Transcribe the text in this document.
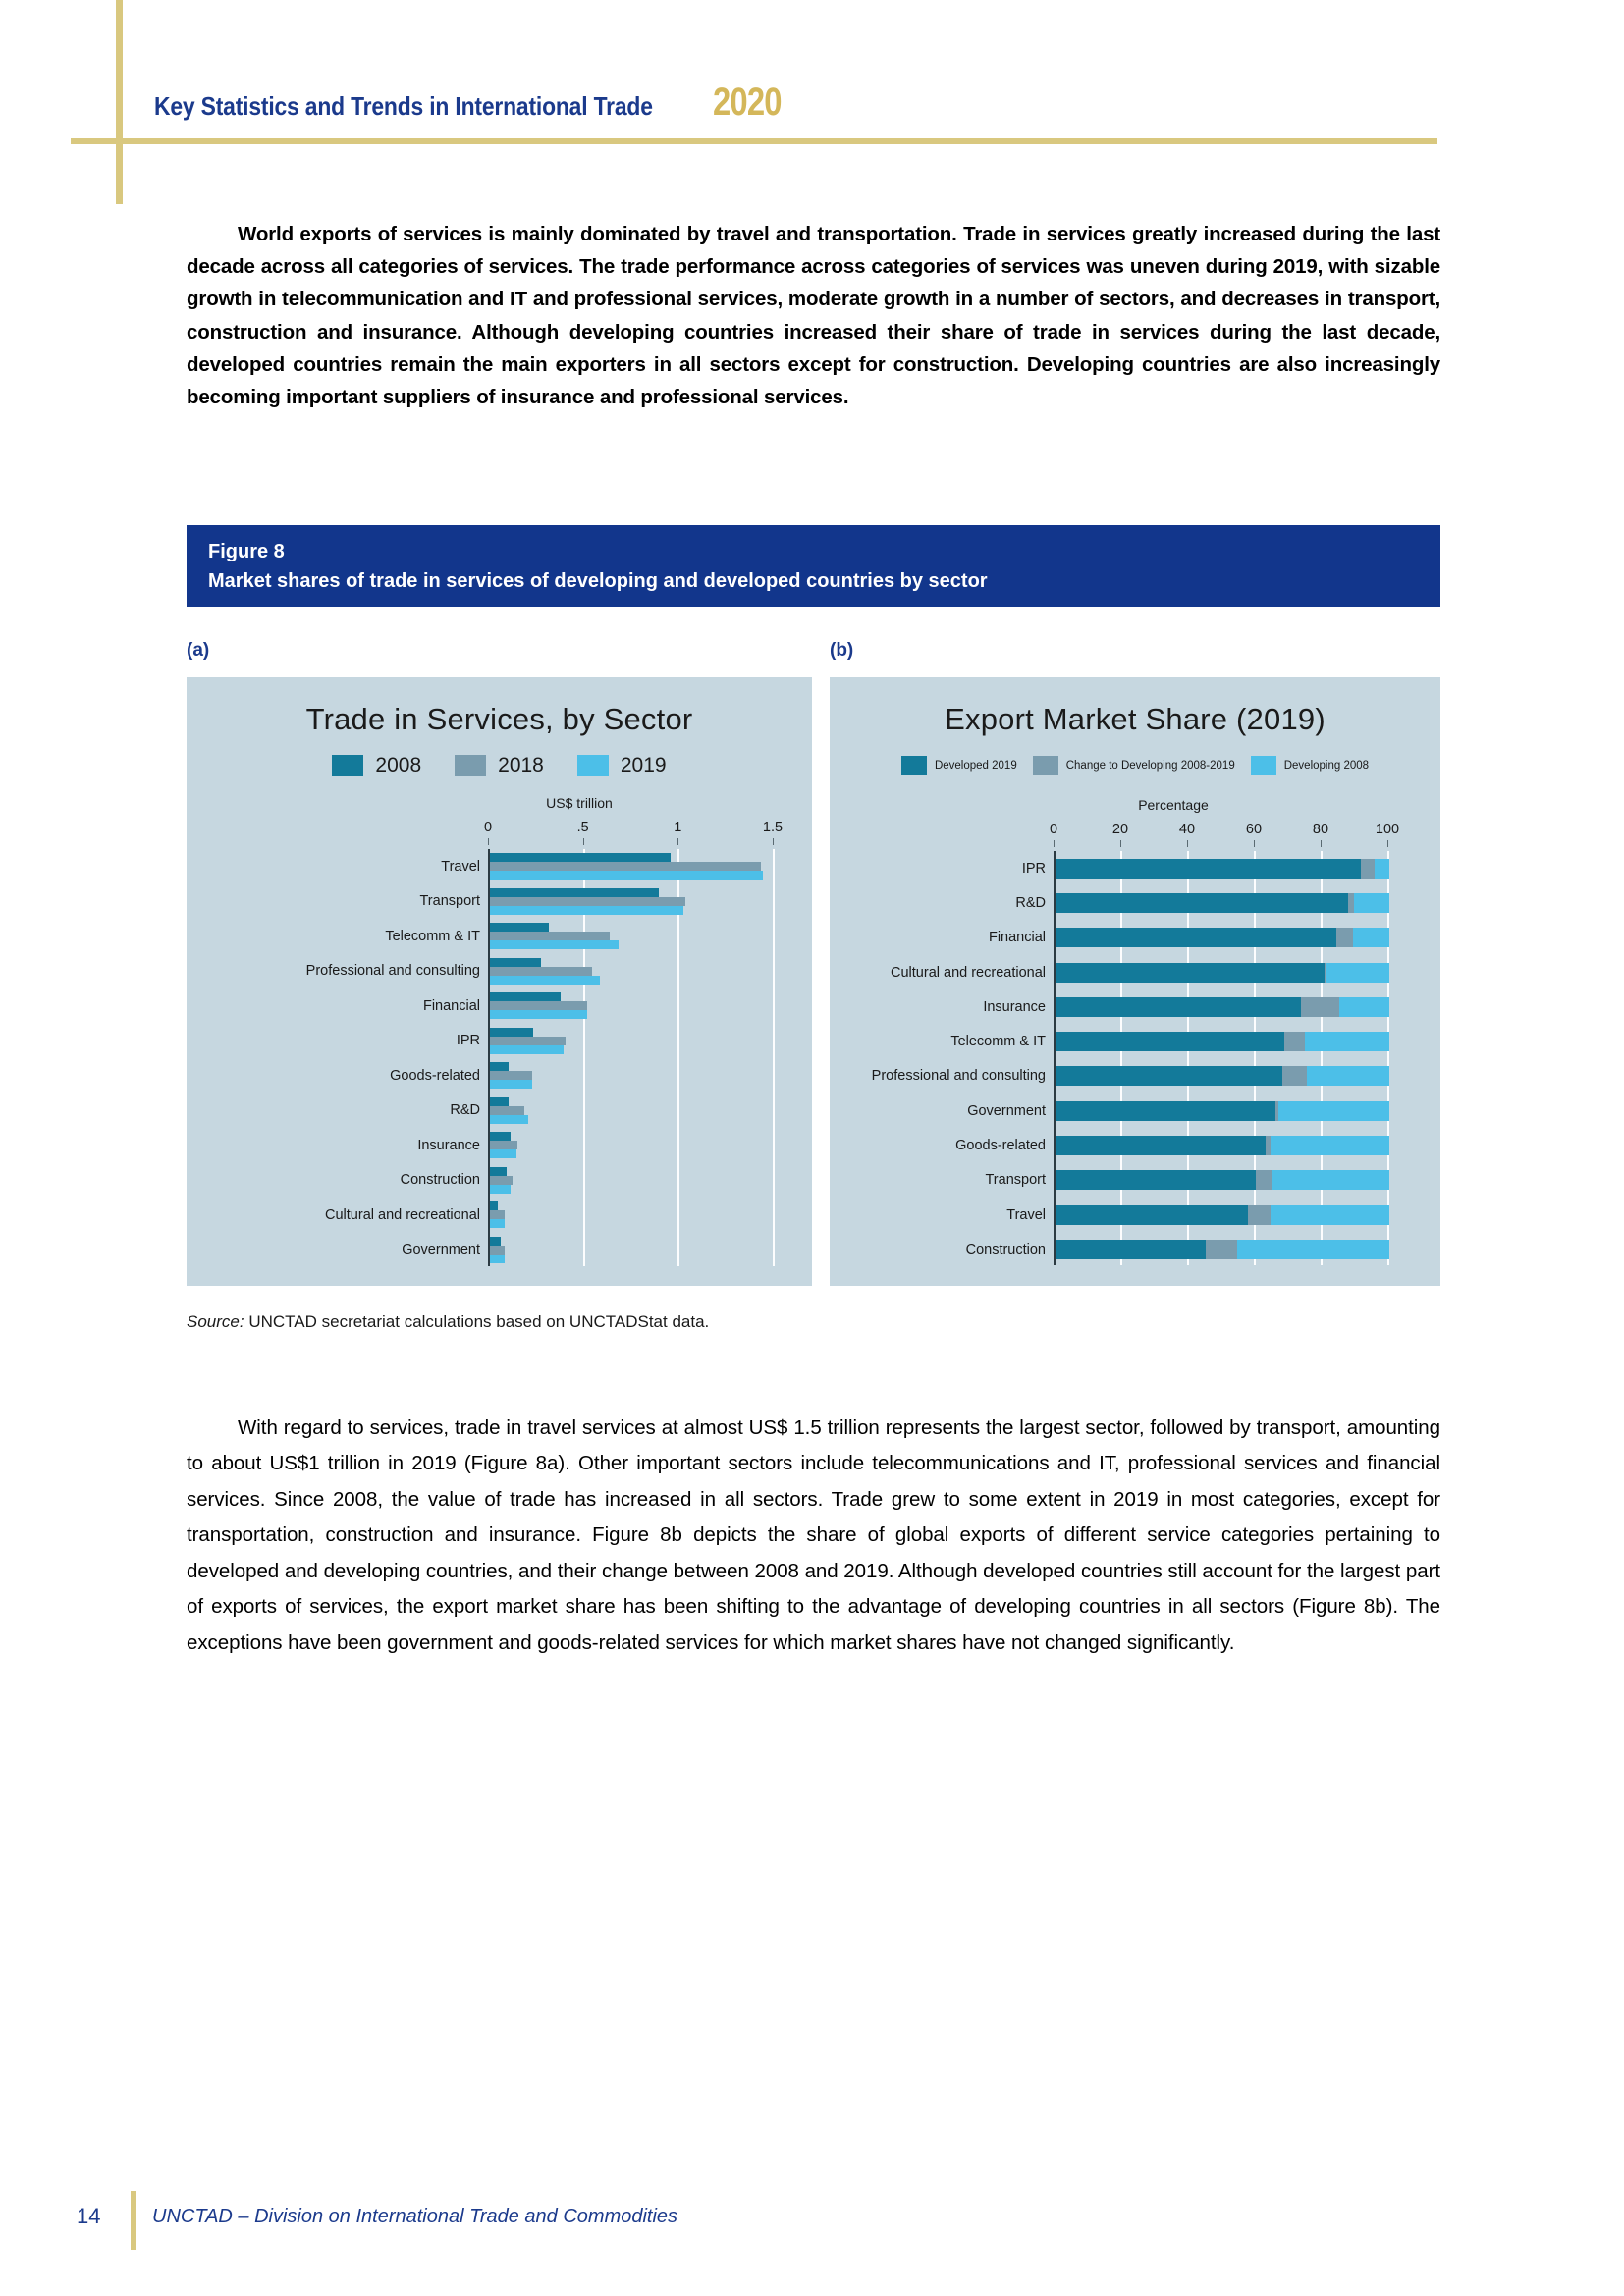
Key Statistics and Trends in International Trade 2020
World exports of services is mainly dominated by travel and transportation. Trade in services greatly increased during the last decade across all categories of services. The trade performance across categories of services was uneven during 2019, with sizable growth in telecommunication and IT and professional services, moderate growth in a number of sectors, and decreases in transport, construction and insurance. Although developing countries increased their share of trade in services during the last decade, developed countries remain the main exporters in all sectors except for construction. Developing countries are also increasingly becoming important suppliers of insurance and professional services.
Figure 8
Market shares of trade in services of developing and developed countries by sector
(a)	(b)
Trade in Services, by Sector
2008	2018	2019
US$ trillion
0	.5	1	1.5
Travel
Transport
Telecomm & IT
Professional and consulting
Financial
IPR
Goods-related
R&D
Insurance
Construction
Cultural and recreational
Government
Export Market Share (2019)
Developed 2019	Change to Developing 2008-2019	Developing 2008
Percentage
0	20	40	60	80	100
IPR
R&D
Financial
Cultural and recreational
Insurance
Telecomm & IT
Professional and consulting
Government
Goods-related
Transport
Travel
Construction
Source: UNCTAD secretariat calculations based on UNCTADStat data.
With regard to services, trade in travel services at almost US$ 1.5 trillion represents the largest sector, followed by transport, amounting to about US$1 trillion in 2019 (Figure 8a). Other important sectors include telecommunications and IT, professional services and financial services. Since 2008, the value of trade has increased in all sectors. Trade grew to some extent in 2019 in most categories, except for transportation, construction and insurance. Figure 8b depicts the share of global exports of different service categories pertaining to developed and developing countries, and their change between 2008 and 2019. Although developed countries still account for the largest part of exports of services, the export market share has been shifting to the advantage of developing countries in all sectors (Figure 8b). The exceptions have been government and goods-related services for which market shares have not changed significantly.
14	UNCTAD – Division on International Trade and Commodities
